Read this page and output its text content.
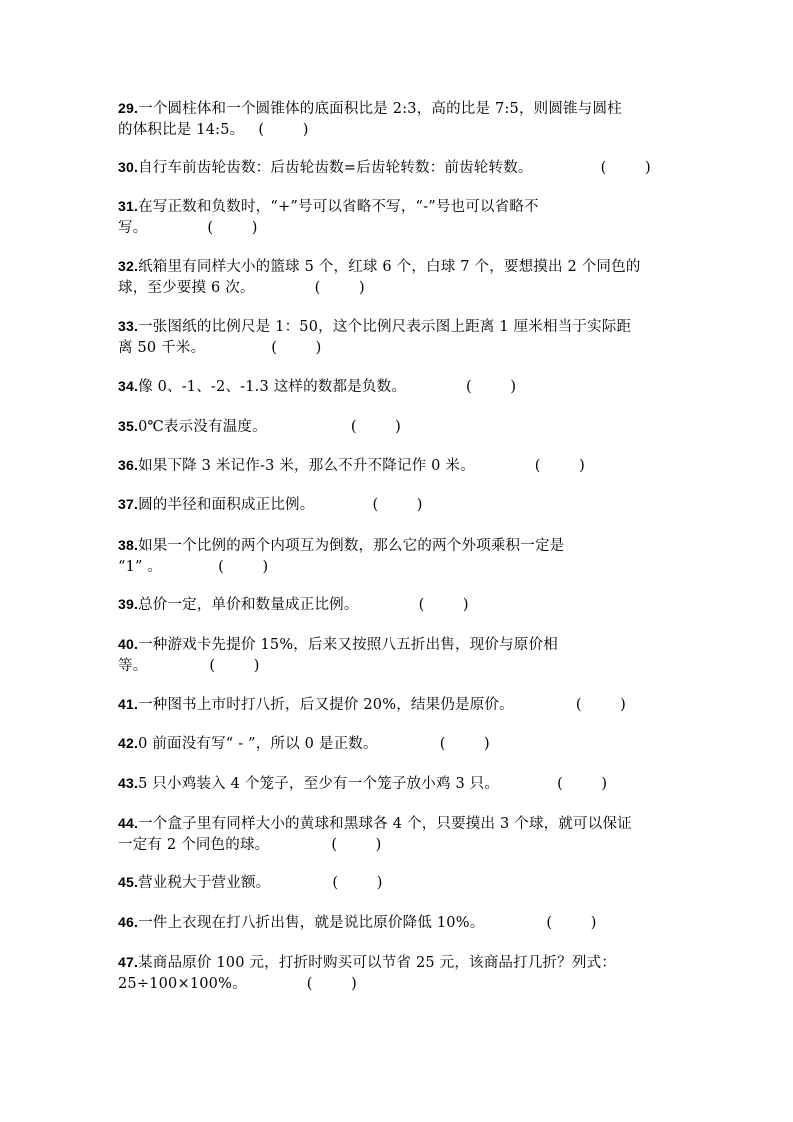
29.一个圆柱体和一个圆锥体的底面积比是 2:3，高的比是 7:5，则圆锥与圆柱
的体积比是 14:5。 (        )
30.自行车前齿轮齿数：后齿轮齿数=后齿轮转数：前齿轮转数。	(        )
31.在写正数和负数时，“+”号可以省略不写，“-”号也可以省略不
写。	(        )
32.纸箱里有同样大小的篮球 5 个，红球 6 个，白球 7 个，要想摸出 2 个同色的
球，至少要摸 6 次。	(        )
33.一张图纸的比例尺是 1：50，这个比例尺表示图上距离 1 厘米相当于实际距
离 50 千米。	(        )
34.像 0、-1、-2、-1.3 这样的数都是负数。	(        )
35.0℃表示没有温度。	(        )
36.如果下降 3 米记作-3 米，那么不升不降记作 0 米。	(        )
37.圆的半径和面积成正比例。	(        )
38.如果一个比例的两个内项互为倒数，那么它的两个外项乘积一定是
“1” 。	(        )
39.总价一定，单价和数量成正比例。	(        )
40.一种游戏卡先提价 15%，后来又按照八五折出售，现价与原价相
等。	(        )
41.一种图书上市时打八折，后又提价 20%，结果仍是原价。	(        )
42.0 前面没有写“ - ”，所以 0 是正数。	(        )
43.5 只小鸡装入 4 个笼子，至少有一个笼子放小鸡 3 只。	(        )
44.一个盒子里有同样大小的黄球和黑球各 4 个，只要摸出 3 个球，就可以保证
一定有 2 个同色的球。	(        )
45.营业税大于营业额。	(        )
46.一件上衣现在打八折出售，就是说比原价降低 10%。	(        )
47.某商品原价 100 元，打折时购买可以节省 25 元，该商品打几折？列式：
25÷100×100%。	(        )
